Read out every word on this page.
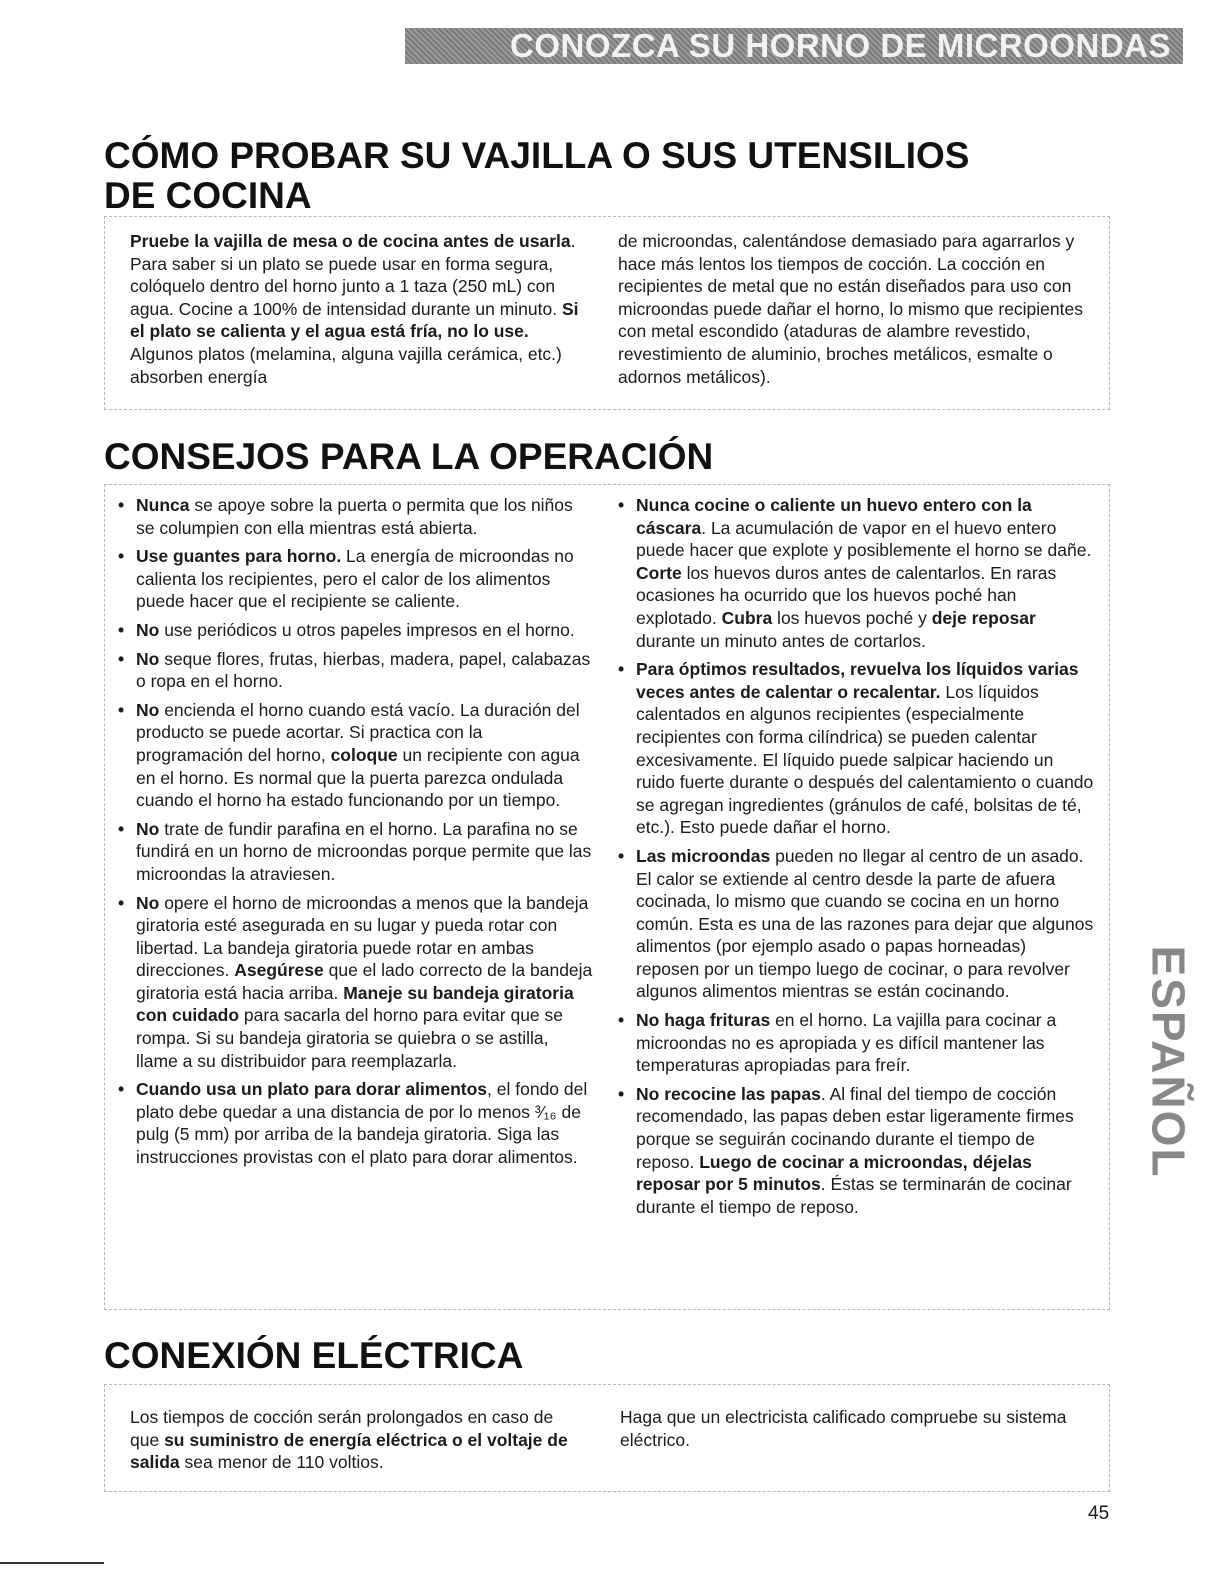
CONOZCA SU HORNO DE MICROONDAS
CÓMO PROBAR SU VAJILLA O SUS UTENSILIOS
DE COCINA

Pruebe la vajilla de mesa o de cocina antes de usarla. Para saber si un plato se puede usar en forma segura, colóquelo dentro del horno junto a 1 taza (250 mL) con agua. Cocine a 100% de intensidad durante un minuto. Si el plato se calienta y el agua está fría, no lo use. Algunos platos (melamina, alguna vajilla cerámica, etc.) absorben energía

de microondas, calentándose demasiado para agarrarlos y hace más lentos los tiempos de cocción. La cocción en recipientes de metal que no están diseñados para uso con microondas puede dañar el horno, lo mismo que recipientes con metal escondido (ataduras de alambre revestido, revestimiento de aluminio, broches metálicos, esmalte o adornos metálicos).

CONSEJOS PARA LA OPERACIÓN
• Nunca se apoye sobre la puerta o permita que los niños se columpien con ella mientras está abierta.
• Use guantes para horno. La energía de microondas no calienta los recipientes, pero el calor de los alimentos puede hacer que el recipiente se caliente.
• No use periódicos u otros papeles impresos en el horno.
• No seque flores, frutas, hierbas, madera, papel, calabazas o ropa en el horno.
• No encienda el horno cuando está vacío. La duración del producto se puede acortar. Si practica con la programación del horno, coloque un recipiente con agua en el horno. Es normal que la puerta parezca ondulada cuando el horno ha estado funcionando por un tiempo.
• No trate de fundir parafina en el horno. La parafina no se fundirá en un horno de microondas porque permite que las microondas la atraviesen.
• No opere el horno de microondas a menos que la bandeja giratoria esté asegurada en su lugar y pueda rotar con libertad. La bandeja giratoria puede rotar en ambas direcciones. Asegúrese que el lado correcto de la bandeja giratoria está hacia arriba. Maneje su bandeja giratoria con cuidado para sacarla del horno para evitar que se rompa. Si su bandeja giratoria se quiebra o se astilla, llame a su distribuidor para reemplazarla.
• Cuando usa un plato para dorar alimentos, el fondo del plato debe quedar a una distancia de por lo menos ³⁄₁₆ de pulg (5 mm) por arriba de la bandeja giratoria. Siga las instrucciones provistas con el plato para dorar alimentos.
• Nunca cocine o caliente un huevo entero con la cáscara. La acumulación de vapor en el huevo entero puede hacer que explote y posiblemente el horno se dañe. Corte los huevos duros antes de calentarlos. En raras ocasiones ha ocurrido que los huevos poché han explotado. Cubra los huevos poché y deje reposar durante un minuto antes de cortarlos.
• Para óptimos resultados, revuelva los líquidos varias veces antes de calentar o recalentar. Los líquidos calentados en algunos recipientes (especialmente recipientes con forma cilíndrica) se pueden calentar excesivamente. El líquido puede salpicar haciendo un ruido fuerte durante o después del calentamiento o cuando se agregan ingredientes (gránulos de café, bolsitas de té, etc.). Esto puede dañar el horno.
• Las microondas pueden no llegar al centro de un asado. El calor se extiende al centro desde la parte de afuera cocinada, lo mismo que cuando se cocina en un horno común. Esta es una de las razones para dejar que algunos alimentos (por ejemplo asado o papas horneadas) reposen por un tiempo luego de cocinar, o para revolver algunos alimentos mientras se están cocinando.
• No haga frituras en el horno. La vajilla para cocinar a microondas no es apropiada y es difícil mantener las temperaturas apropiadas para freír.
• No recocine las papas. Al final del tiempo de cocción recomendado, las papas deben estar ligeramente firmes porque se seguirán cocinando durante el tiempo de reposo. Luego de cocinar a microondas, déjelas reposar por 5 minutos. Éstas se terminarán de cocinar durante el tiempo de reposo.
CONEXIÓN ELÉCTRICA

Los tiempos de cocción serán prolongados en caso de que su suministro de energía eléctrica o el voltaje de salida sea menor de 110 voltios.

Haga que un electricista calificado compruebe su sistema eléctrico.

ESPAÑOL
45
